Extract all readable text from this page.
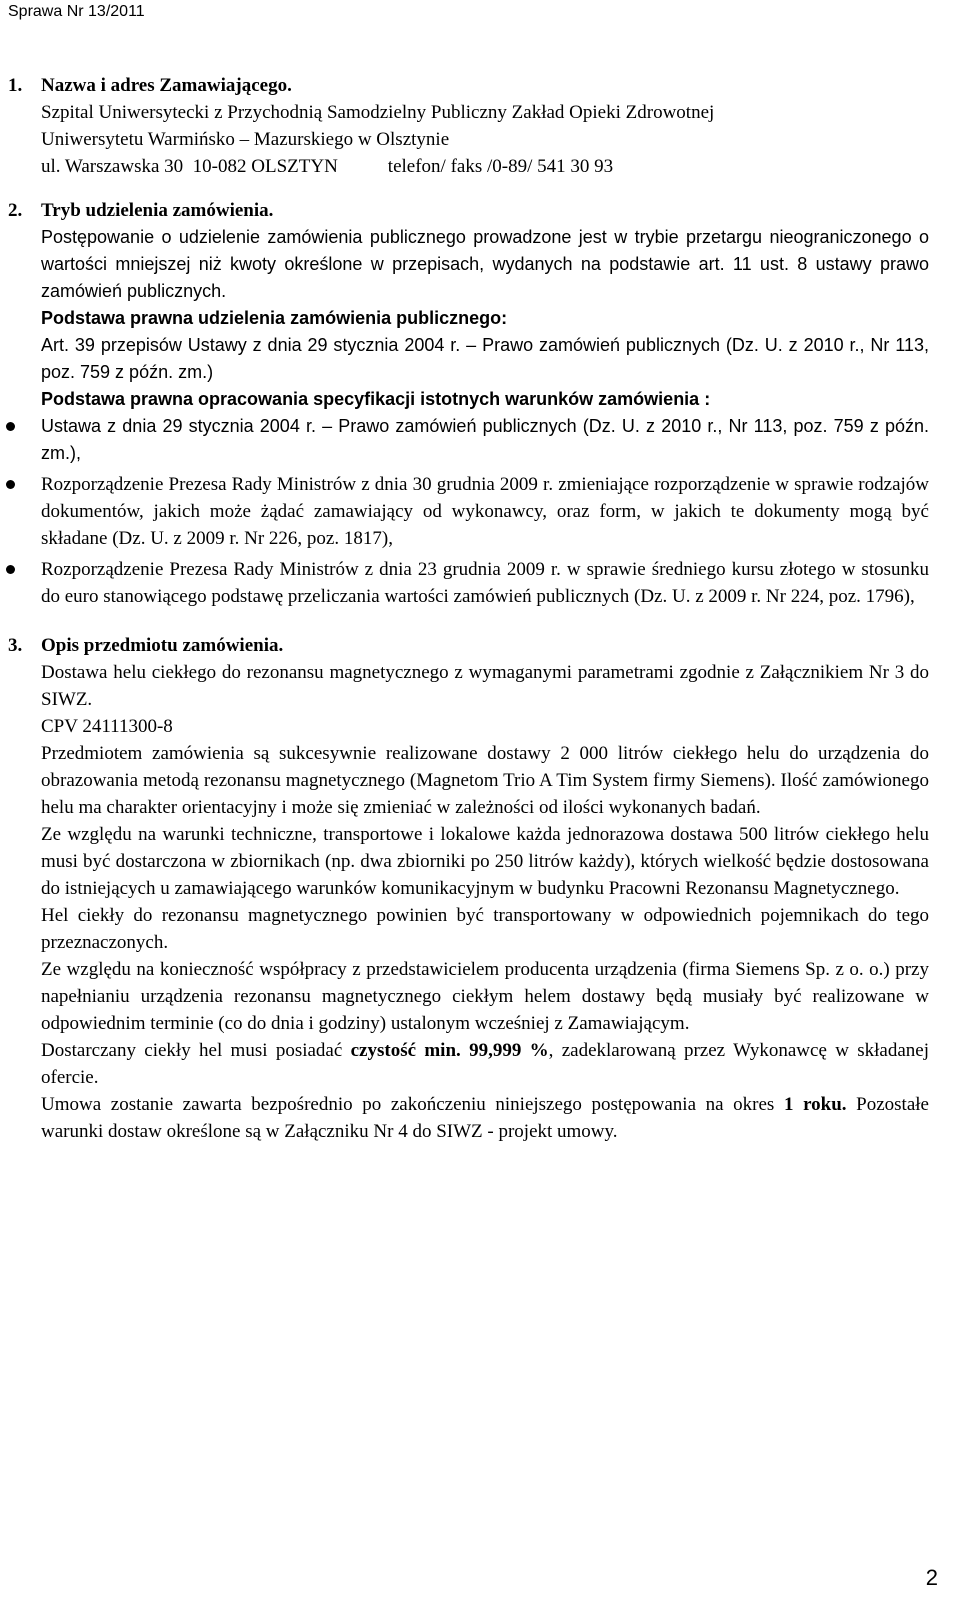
Sprawa Nr 13/2011
1. Nazwa i adres Zamawiającego.

Szpital Uniwersytecki z Przychodnią Samodzielny Publiczny Zakład Opieki Zdrowotnej

Uniwersytetu Warmińsko – Mazurskiego w Olsztynie

ul. Warszawska 30  10-082 OLSZTYN	telefon/ faks /0-89/ 541 30 93

2. Tryb udzielenia zamówienia.

Postępowanie o udzielenie zamówienia publicznego prowadzone jest w trybie przetargu nieograniczonego o wartości mniejszej niż kwoty określone w przepisach, wydanych na podstawie art. 11 ust. 8 ustawy prawo zamówień publicznych.

Podstawa prawna udzielenia zamówienia publicznego:

Art. 39 przepisów Ustawy z dnia 29 stycznia 2004 r. – Prawo zamówień publicznych (Dz. U. z 2010 r., Nr 113, poz. 759 z późn. zm.)

Podstawa prawna opracowania specyfikacji istotnych warunków zamówienia :

Ustawa z dnia 29 stycznia 2004 r. – Prawo zamówień publicznych (Dz. U. z 2010 r., Nr 113, poz. 759 z późn. zm.),
Rozporządzenie Prezesa Rady Ministrów z dnia 30 grudnia 2009 r. zmieniające rozporządzenie w sprawie rodzajów dokumentów, jakich może żądać zamawiający od wykonawcy, oraz form, w jakich te dokumenty mogą być składane (Dz. U. z 2009 r. Nr 226, poz. 1817),
Rozporządzenie Prezesa Rady Ministrów z dnia 23 grudnia 2009 r. w sprawie średniego kursu złotego w stosunku do euro stanowiącego podstawę przeliczania wartości zamówień publicznych (Dz. U. z 2009 r. Nr 224, poz. 1796),
3. Opis przedmiotu zamówienia.

Dostawa helu ciekłego do rezonansu magnetycznego z wymaganymi parametrami zgodnie z Załącznikiem Nr 3 do SIWZ.

CPV 24111300-8

Przedmiotem zamówienia są sukcesywnie realizowane dostawy 2 000 litrów ciekłego helu do urządzenia do obrazowania metodą rezonansu magnetycznego (Magnetom Trio A Tim System firmy Siemens). Ilość zamówionego helu ma charakter orientacyjny i może się zmieniać w zależności od ilości wykonanych badań.

Ze względu na warunki techniczne, transportowe i lokalowe każda jednorazowa dostawa 500 litrów ciekłego helu musi być dostarczona w zbiornikach (np. dwa zbiorniki po 250 litrów każdy), których wielkość będzie dostosowana do istniejących u zamawiającego warunków komunikacyjnym w budynku Pracowni Rezonansu Magnetycznego.

Hel ciekły do rezonansu magnetycznego powinien być transportowany w odpowiednich pojemnikach do tego przeznaczonych.

Ze względu na konieczność współpracy z przedstawicielem producenta urządzenia (firma Siemens Sp. z o. o.) przy napełnianiu urządzenia rezonansu magnetycznego ciekłym helem dostawy będą musiały być realizowane w odpowiednim terminie (co do dnia i godziny) ustalonym wcześniej z Zamawiającym.

Dostarczany ciekły hel musi posiadać czystość min. 99,999 %, zadeklarowaną przez Wykonawcę w składanej ofercie.

Umowa zostanie zawarta bezpośrednio po zakończeniu niniejszego postępowania na okres 1 roku. Pozostałe warunki dostaw określone są w Załączniku Nr 4 do SIWZ - projekt umowy.

2
